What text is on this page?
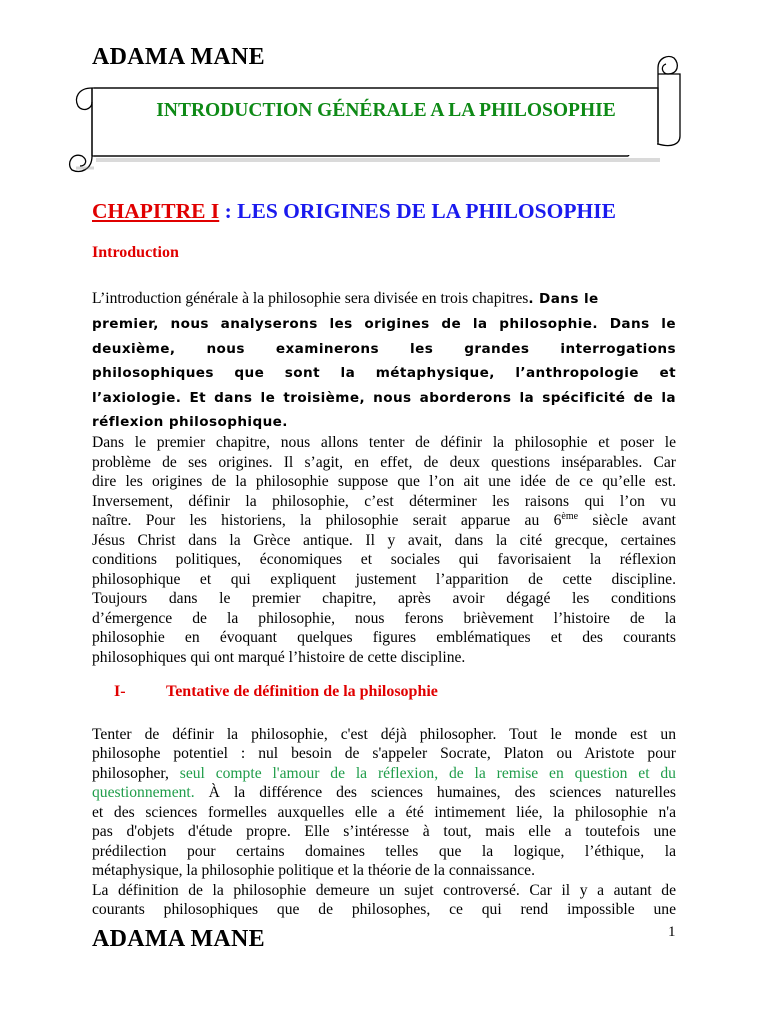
ADAMA MANE
INTRODUCTION GÉNÉRALE A LA PHILOSOPHIE
CHAPITRE I : LES ORIGINES DE LA PHILOSOPHIE
Introduction
L’introduction générale à la philosophie sera divisée en trois chapitres. Dans le
premier, nous analyserons les origines de la philosophie. Dans le
deuxième, nous examinerons les grandes interrogations
philosophiques que sont la métaphysique, l’anthropologie et
l’axiologie. Et dans le troisième, nous aborderons la spécificité de la
réflexion philosophique.
Dans le premier chapitre, nous allons tenter de définir la philosophie et poser le
problème de ses origines. Il s’agit, en effet, de deux questions inséparables. Car
dire les origines de la philosophie suppose que l’on ait une idée de ce qu’elle est.
Inversement, définir la philosophie, c’est déterminer les raisons qui l’on vu
naître. Pour les historiens, la philosophie serait apparue au 6ème siècle avant
Jésus Christ dans la Grèce antique. Il y avait, dans la cité grecque, certaines
conditions politiques, économiques et sociales qui favorisaient la réflexion
philosophique et qui expliquent justement l’apparition de cette discipline.
Toujours dans le premier chapitre, après avoir dégagé les conditions
d’émergence de la philosophie, nous ferons brièvement l’histoire de la
philosophie en évoquant quelques figures emblématiques et des courants
philosophiques qui ont marqué l’histoire de cette discipline.
I-	Tentative de définition de la philosophie
Tenter de définir la philosophie, c'est déjà philosopher. Tout le monde est un
philosophe potentiel : nul besoin de s'appeler Socrate, Platon ou Aristote pour
philosopher, seul compte l'amour de la réflexion, de la remise en question et du
questionnement. À la différence des sciences humaines, des sciences naturelles
et des sciences formelles auxquelles elle a été intimement liée, la philosophie n'a
pas d'objets d'étude propre. Elle s’intéresse à tout, mais elle a toutefois une
prédilection pour certains domaines telles que la logique, l’éthique, la
métaphysique, la philosophie politique et la théorie de la connaissance.
La définition de la philosophie demeure un sujet controversé. Car il y a autant de
courants philosophiques que de philosophes, ce qui rend impossible une
ADAMA MANE	1
